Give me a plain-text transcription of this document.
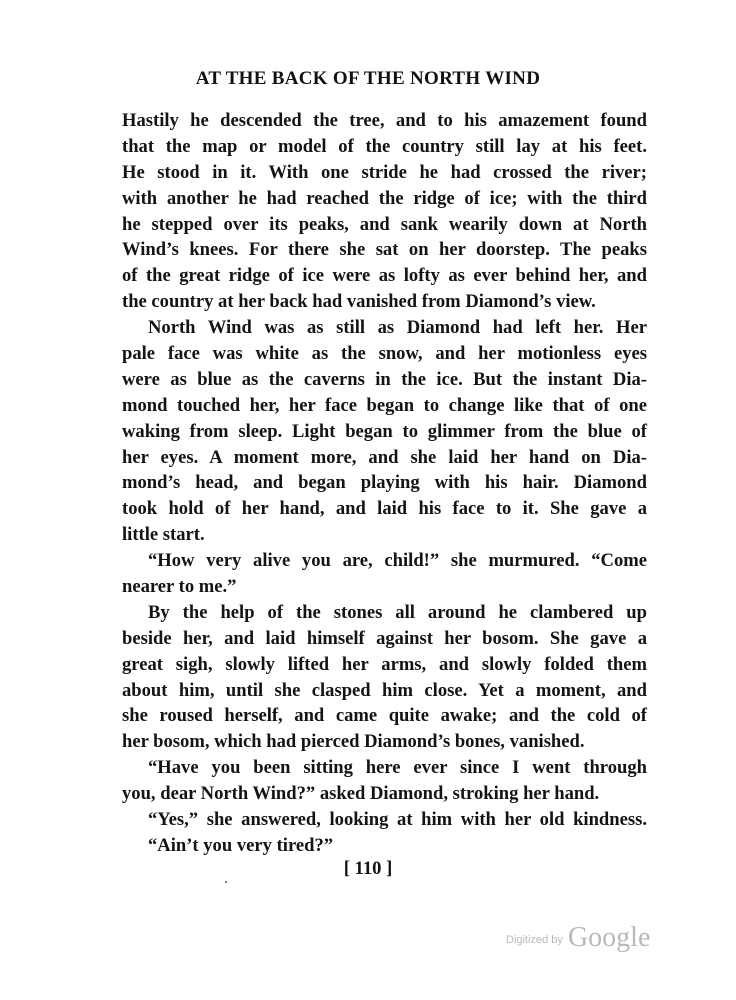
AT THE BACK OF THE NORTH WIND
Hastily he descended the tree, and to his amazement found
that the map or model of the country still lay at his feet.
He stood in it. With one stride he had crossed the river;
with another he had reached the ridge of ice; with the third
he stepped over its peaks, and sank wearily down at North
Wind’s knees. For there she sat on her doorstep. The peaks
of the great ridge of ice were as lofty as ever behind her, and
the country at her back had vanished from Diamond’s view.
North Wind was as still as Diamond had left her. Her
pale face was white as the snow, and her motionless eyes
were as blue as the caverns in the ice. But the instant Dia-
mond touched her, her face began to change like that of one
waking from sleep. Light began to glimmer from the blue of
her eyes. A moment more, and she laid her hand on Dia-
mond’s head, and began playing with his hair. Diamond
took hold of her hand, and laid his face to it. She gave a
little start.
“How very alive you are, child!” she murmured. “Come
nearer to me.”
By the help of the stones all around he clambered up
beside her, and laid himself against her bosom. She gave a
great sigh, slowly lifted her arms, and slowly folded them
about him, until she clasped him close. Yet a moment, and
she roused herself, and came quite awake; and the cold of
her bosom, which had pierced Diamond’s bones, vanished.
“Have you been sitting here ever since I went through
you, dear North Wind?” asked Diamond, stroking her hand.
“Yes,” she answered, looking at him with her old kindness.
“Ain’t you very tired?”
[ 110 ]
Digitized by Google
